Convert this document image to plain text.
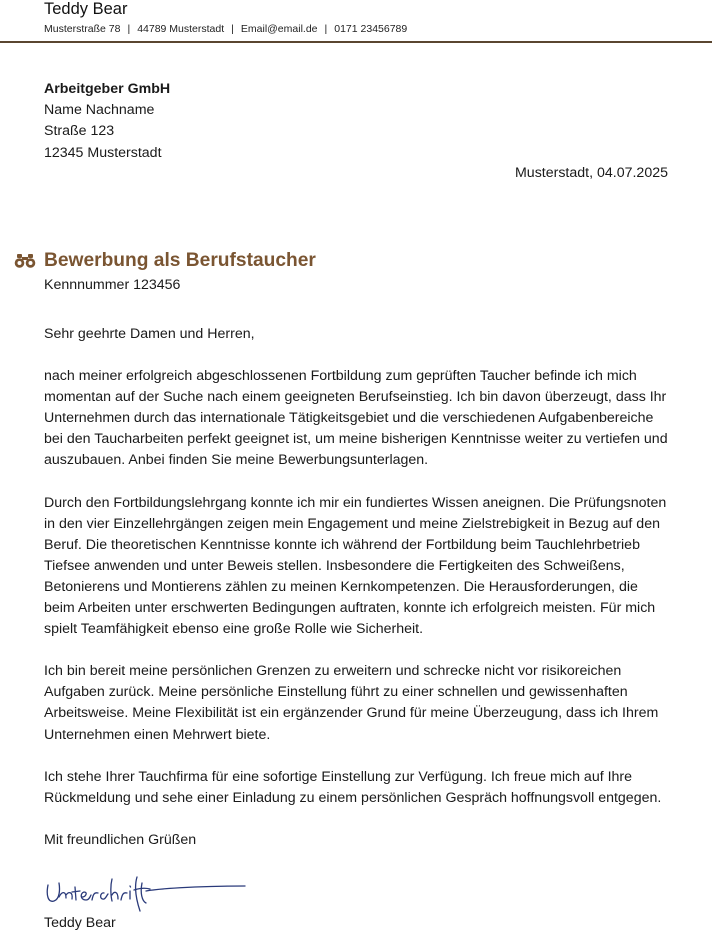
Teddy Bear
Musterstraße 78 | 44789 Musterstadt | Email@email.de | 0171 23456789
Arbeitgeber GmbH
Name Nachname
Straße 123
12345 Musterstadt
Musterstadt, 04.07.2025
Bewerbung als Berufstaucher
Kennnummer 123456

Sehr geehrte Damen und Herren,

nach meiner erfolgreich abgeschlossenen Fortbildung zum geprüften Taucher befinde ich mich momentan auf der Suche nach einem geeigneten Berufseinstieg. Ich bin davon überzeugt, dass Ihr Unternehmen durch das internationale Tätigkeitsgebiet und die verschiedenen Aufgabenbereiche bei den Taucharbeiten perfekt geeignet ist, um meine bisherigen Kenntnisse weiter zu vertiefen und auszubauen. Anbei finden Sie meine Bewerbungsunterlagen.

Durch den Fortbildungslehrgang konnte ich mir ein fundiertes Wissen aneignen. Die Prüfungsnoten in den vier Einzellehrgängen zeigen mein Engagement und meine Zielstrebigkeit in Bezug auf den Beruf. Die theoretischen Kenntnisse konnte ich während der Fortbildung beim Tauchlehrbetrieb Tiefsee anwenden und unter Beweis stellen. Insbesondere die Fertigkeiten des Schweißens, Betonierens und Montierens zählen zu meinen Kernkompetenzen. Die Herausforderungen, die beim Arbeiten unter erschwerten Bedingungen auftraten, konnte ich erfolgreich meisten. Für mich spielt Teamfähigkeit ebenso eine große Rolle wie Sicherheit.

Ich bin bereit meine persönlichen Grenzen zu erweitern und schrecke nicht vor risikoreichen Aufgaben zurück. Meine persönliche Einstellung führt zu einer schnellen und gewissenhaften Arbeitsweise. Meine Flexibilität ist ein ergänzender Grund für meine Überzeugung, dass ich Ihrem Unternehmen einen Mehrwert biete.

Ich stehe Ihrer Tauchfirma für eine sofortige Einstellung zur Verfügung. Ich freue mich auf Ihre Rückmeldung und sehe einer Einladung zu einem persönlichen Gespräch hoffnungsvoll entgegen.

Mit freundlichen Grüßen

Teddy Bear
